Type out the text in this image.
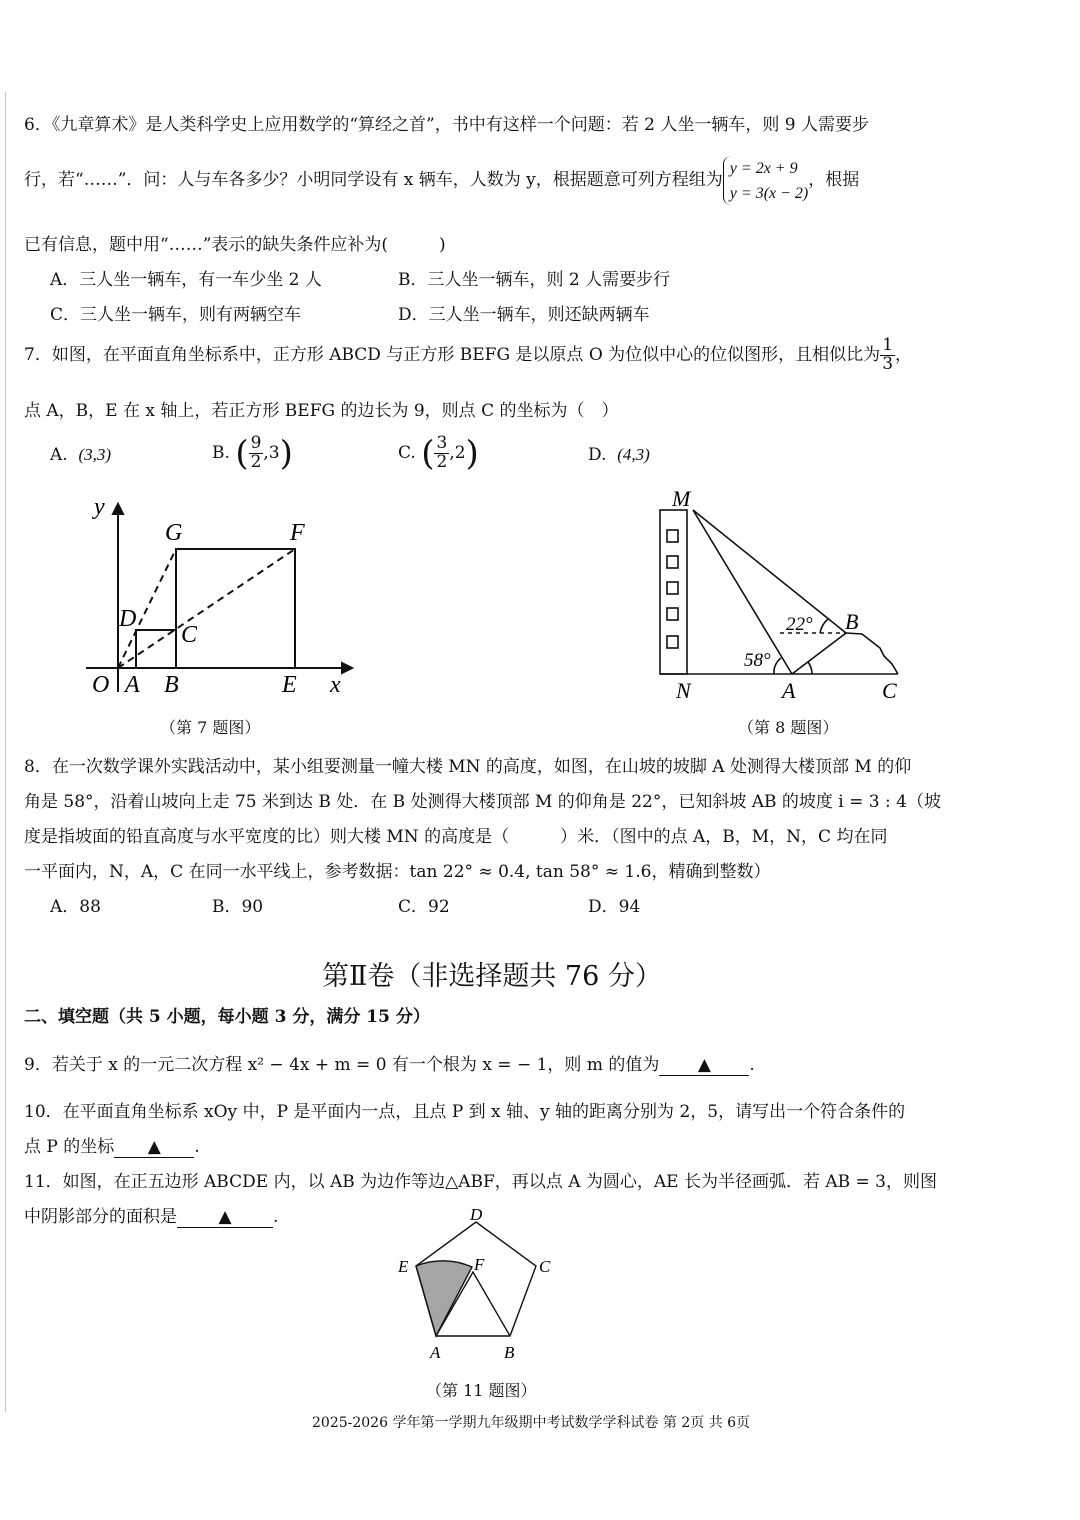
6．《九章算术》是人类科学史上应用数学的“算经之首”，书中有这样一个问题：若 2 人坐一辆车，则 9 人需要步
行，若“……”．问：人与车各多少？小明同学设有 x 辆车，人数为 y，根据题意可列方程组为y = 2x + 9
y = 3(x − 2)，根据
已有信息，题中用“……”表示的缺失条件应补为(　　　)
A．三人坐一辆车，有一车少坐 2 人	B．三人坐一辆车，则 2 人需要步行
C．三人坐一辆车，则有两辆空车	D．三人坐一辆车，则还缺两辆车
7．如图，在平面直角坐标系中，正方形 ABCD 与正方形 BEFG 是以原点 O 为位似中心的位似图形，且相似比为 $\frac{1}{3}$ ，
点 A，B，E 在 x 轴上，若正方形 BEFG 的边长为 9，则点 C 的坐标为（　）
A. (3,3)	B. ( $\frac{9}{2} ,3$)	C. ( $\frac{3}{2} ,2$)	D. (4,3)
y
x
O A B	E
G	F
D
C
（第 7 题图）
M
N	A
B
C
22°
58°
（第 8 题图）
8．在一次数学课外实践活动中，某小组要测量一幢大楼 MN 的高度，如图，在山坡的坡脚 A 处测得大楼顶部 M 的仰
角是 58°，沿着山坡向上走 75 米到达 B 处．在 B 处测得大楼顶部 M 的仰角是 22°，已知斜坡 AB 的坡度 i = 3 : 4（坡
度是指坡面的铅直高度与水平宽度的比）则大楼 MN 的高度是（　　　）米．（图中的点 A，B，M，N，C 均在同
一平面内，N，A，C 在同一水平线上，参考数据：tan 22° ≈ 0.4, tan 58° ≈ 1.6，精确到整数）
A．88	B．90	C．92	D．94
第Ⅱ卷（非选择题共 76 分）
二、填空题（共 5 小题，每小题 3 分，满分 15 分）
9．若关于 x 的一元二次方程 x² − 4x + m = 0 有一个根为 x = − 1，则 m 的值为 ▲ .
10．在平面直角坐标系 xOy 中，P 是平面内一点，且点 P 到 x 轴、y 轴的距离分别为 2，5，请写出一个符合条件的
点 P 的坐标 ▲ .
11．如图，在正五边形 ABCDE 内，以 AB 为边作等边△ABF，再以点 A 为圆心，AE 长为半径画弧．若 AB = 3，则图
中阴影部分的面积是 ▲ .
A	B
C
D
E	F
（第 11 题图）
2025-2026 学年第一学期九年级期中考试数学学科试卷 第 2页 共 6页
